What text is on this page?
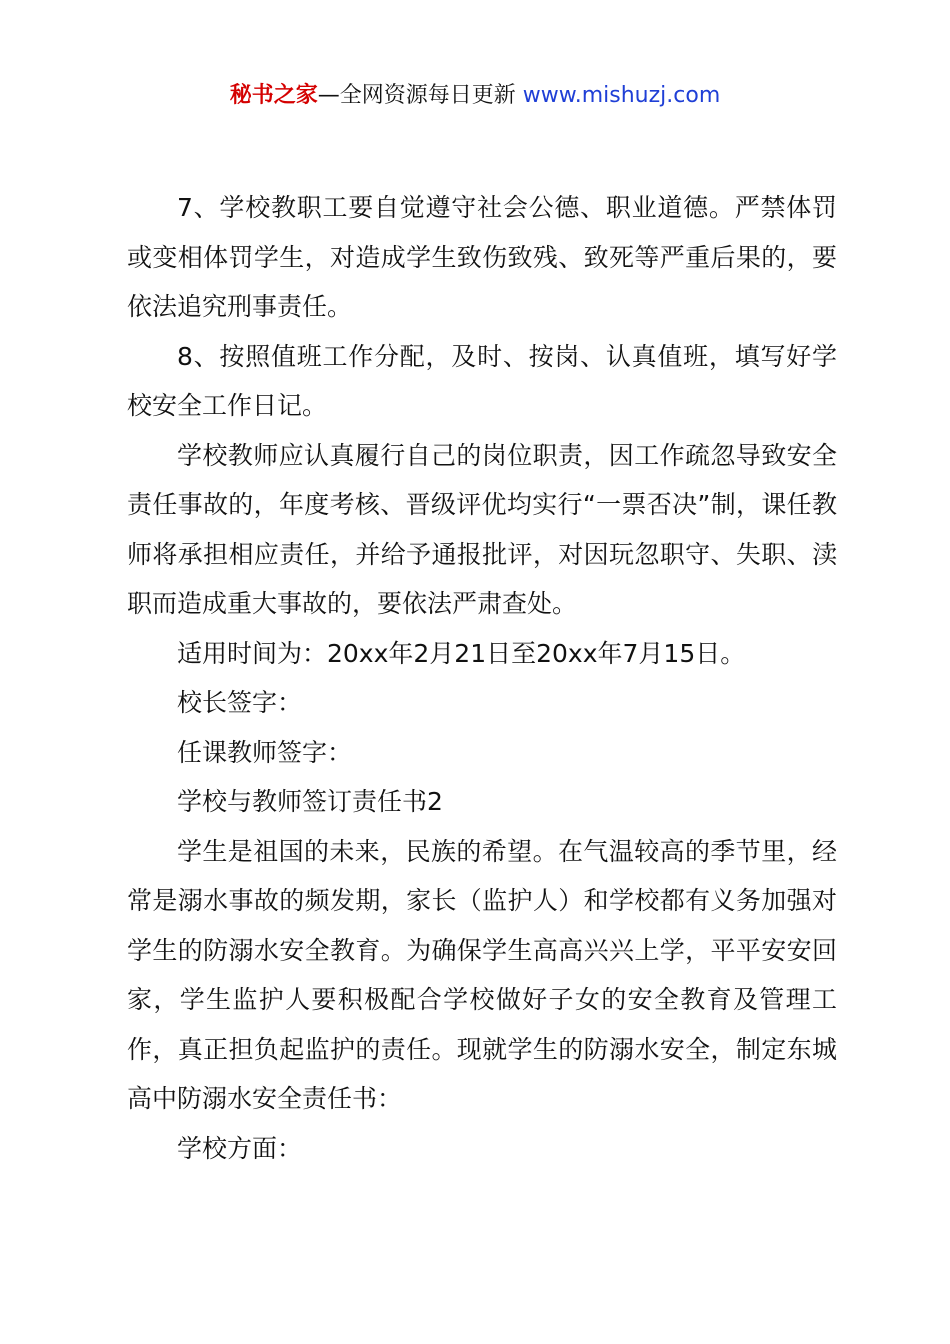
秘书之家—全网资源每日更新 www.mishuzj.com

7、学校教职工要自觉遵守社会公德、职业道德。严禁体罚或变相体罚学生，对造成学生致伤致残、致死等严重后果的，要依法追究刑事责任。

8、按照值班工作分配，及时、按岗、认真值班，填写好学校安全工作日记。

学校教师应认真履行自己的岗位职责，因工作疏忽导致安全责任事故的，年度考核、晋级评优均实行“一票否决”制，课任教师将承担相应责任，并给予通报批评，对因玩忽职守、失职、渎职而造成重大事故的，要依法严肃查处。

适用时间为：20xx年2月21日至20xx年7月15日。

校长签字：

任课教师签字：

学校与教师签订责任书2

学生是祖国的未来，民族的希望。在气温较高的季节里，经常是溺水事故的频发期，家长（监护人）和学校都有义务加强对学生的防溺水安全教育。为确保学生高高兴兴上学，平平安安回家，学生监护人要积极配合学校做好子女的安全教育及管理工作，真正担负起监护的责任。现就学生的防溺水安全，制定东城高中防溺水安全责任书：

学校方面：
